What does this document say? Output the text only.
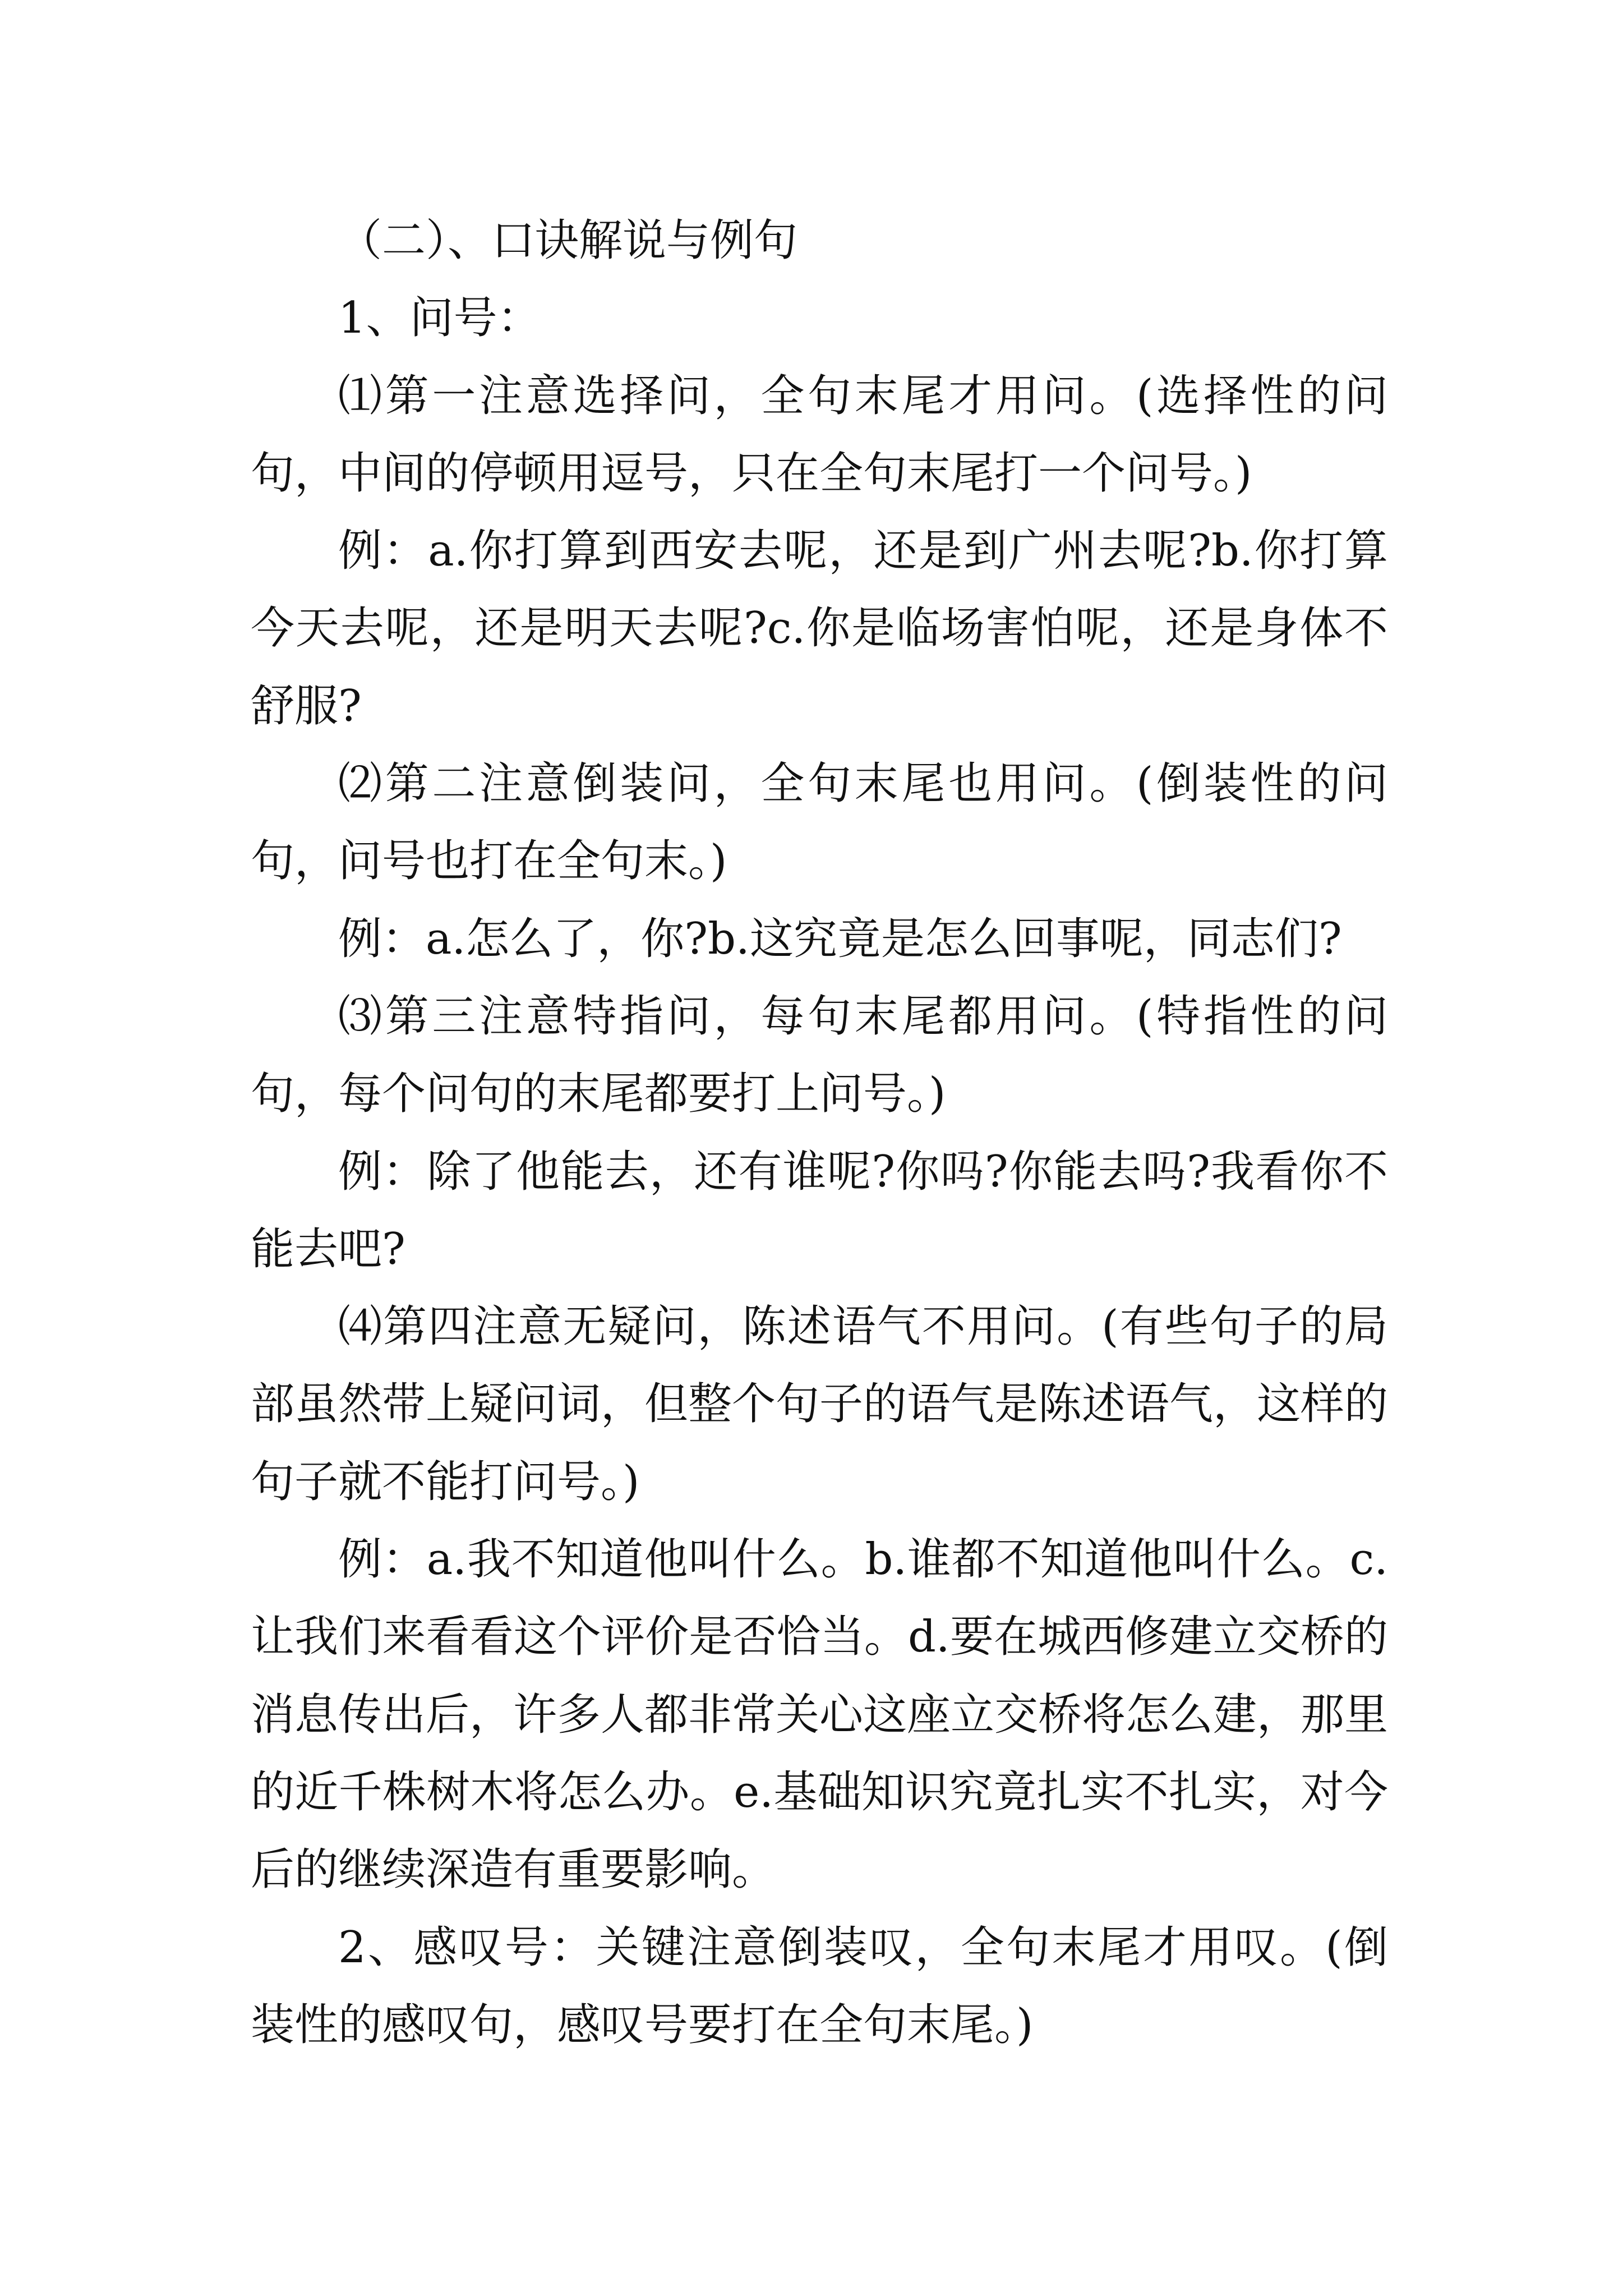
（二）、口诀解说与例句

1、问号：

⑴第一注意选择问，全句末尾才用问。(选择性的问句，中间的停顿用逗号，只在全句末尾打一个问号。)

例：a.你打算到西安去呢，还是到广州去呢?b.你打算今天去呢，还是明天去呢?c.你是临场害怕呢，还是身体不舒服?

⑵第二注意倒装问，全句末尾也用问。(倒装性的问句，问号也打在全句末。)

例：a.怎么了，你?b.这究竟是怎么回事呢，同志们?

⑶第三注意特指问，每句末尾都用问。(特指性的问句，每个问句的末尾都要打上问号。)

例：除了他能去，还有谁呢?你吗?你能去吗?我看你不能去吧?

⑷第四注意无疑问，陈述语气不用问。(有些句子的局部虽然带上疑问词，但整个句子的语气是陈述语气，这样的句子就不能打问号。)

例：a.我不知道他叫什么。b.谁都不知道他叫什么。c.让我们来看看这个评价是否恰当。d.要在城西修建立交桥的消息传出后，许多人都非常关心这座立交桥将怎么建，那里的近千株树木将怎么办。e.基础知识究竟扎实不扎实，对今后的继续深造有重要影响。

2、感叹号：关键注意倒装叹，全句末尾才用叹。(倒装性的感叹句，感叹号要打在全句末尾。)
